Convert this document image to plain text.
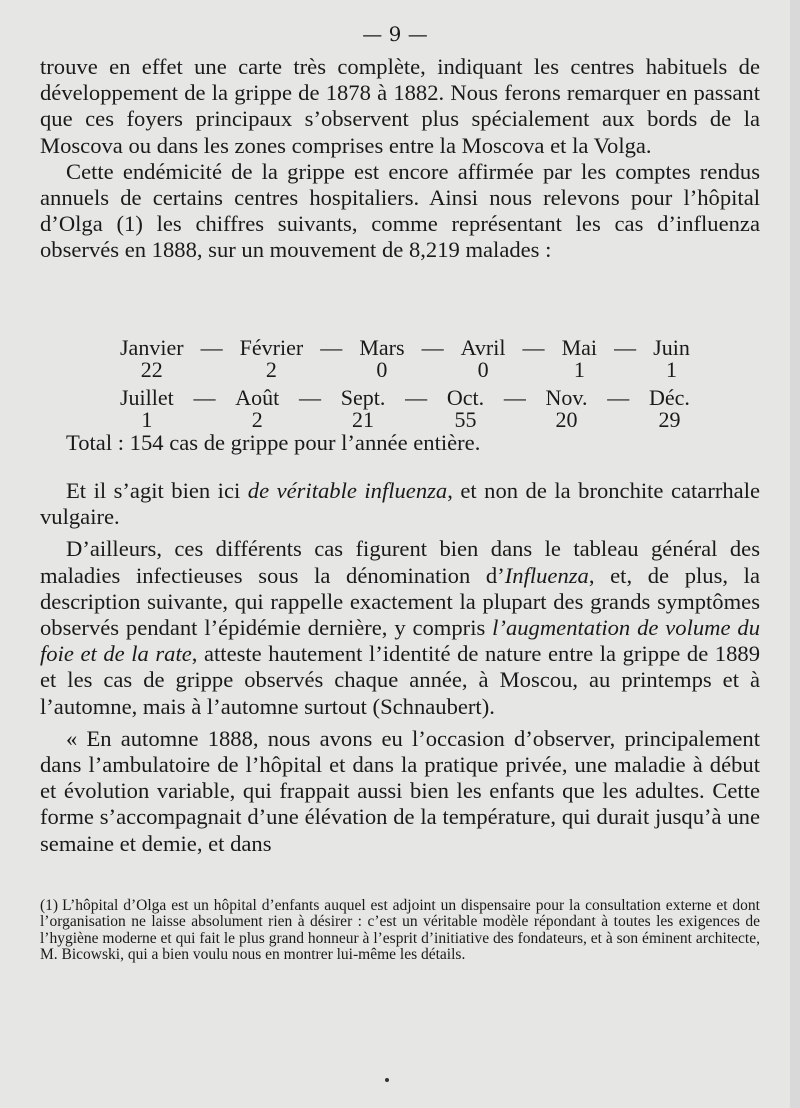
— 9 —

trouve en effet une carte très complète, indiquant les centres habituels de développement de la grippe de 1878 à 1882. Nous ferons remarquer en passant que ces foyers principaux s’observent plus spécialement aux bords de la Moscova ou dans les zones comprises entre la Moscova et la Volga.

Cette endémicité de la grippe est encore affirmée par les comptes rendus annuels de certains centres hospitaliers. Ainsi nous relevons pour l’hôpital d’Olga (1) les chiffres suivants, comme représentant les cas d’influenza observés en 1888, sur un mouvement de 8,219 malades :

Janvier
22
— Février
2
— Mars
0
— Avril
0
— Mai
1
— Juin
1
Juillet
1
— Août
2
— Sept.
21
— Oct.
55
— Nov.
20
— Déc.
29
Total : 154 cas de grippe pour l’année entière.

Et il s’agit bien ici de véritable influenza, et non de la bronchite catarrhale vulgaire.

D’ailleurs, ces différents cas figurent bien dans le tableau général des maladies infectieuses sous la dénomination d’Influenza, et, de plus, la description suivante, qui rappelle exactement la plupart des grands symptômes observés pendant l’épidémie dernière, y compris l’augmentation de volume du foie et de la rate, atteste hautement l’identité de nature entre la grippe de 1889 et les cas de grippe observés chaque année, à Moscou, au printemps et à l’automne, mais à l’automne surtout (Schnaubert).

« En automne 1888, nous avons eu l’occasion d’observer, principalement dans l’ambulatoire de l’hôpital et dans la pratique privée, une maladie à début et évolution variable, qui frappait aussi bien les enfants que les adultes. Cette forme s’accompagnait d’une élévation de la température, qui durait jusqu’à une semaine et demie, et dans

(1) L’hôpital d’Olga est un hôpital d’enfants auquel est adjoint un dispensaire pour la consultation externe et dont l’organisation ne laisse absolument rien à désirer : c’est un véritable modèle répondant à toutes les exigences de l’hygiène moderne et qui fait le plus grand honneur à l’esprit d’initiative des fondateurs, et à son éminent architecte, M. Bicowski, qui a bien voulu nous en montrer lui-même les détails.
